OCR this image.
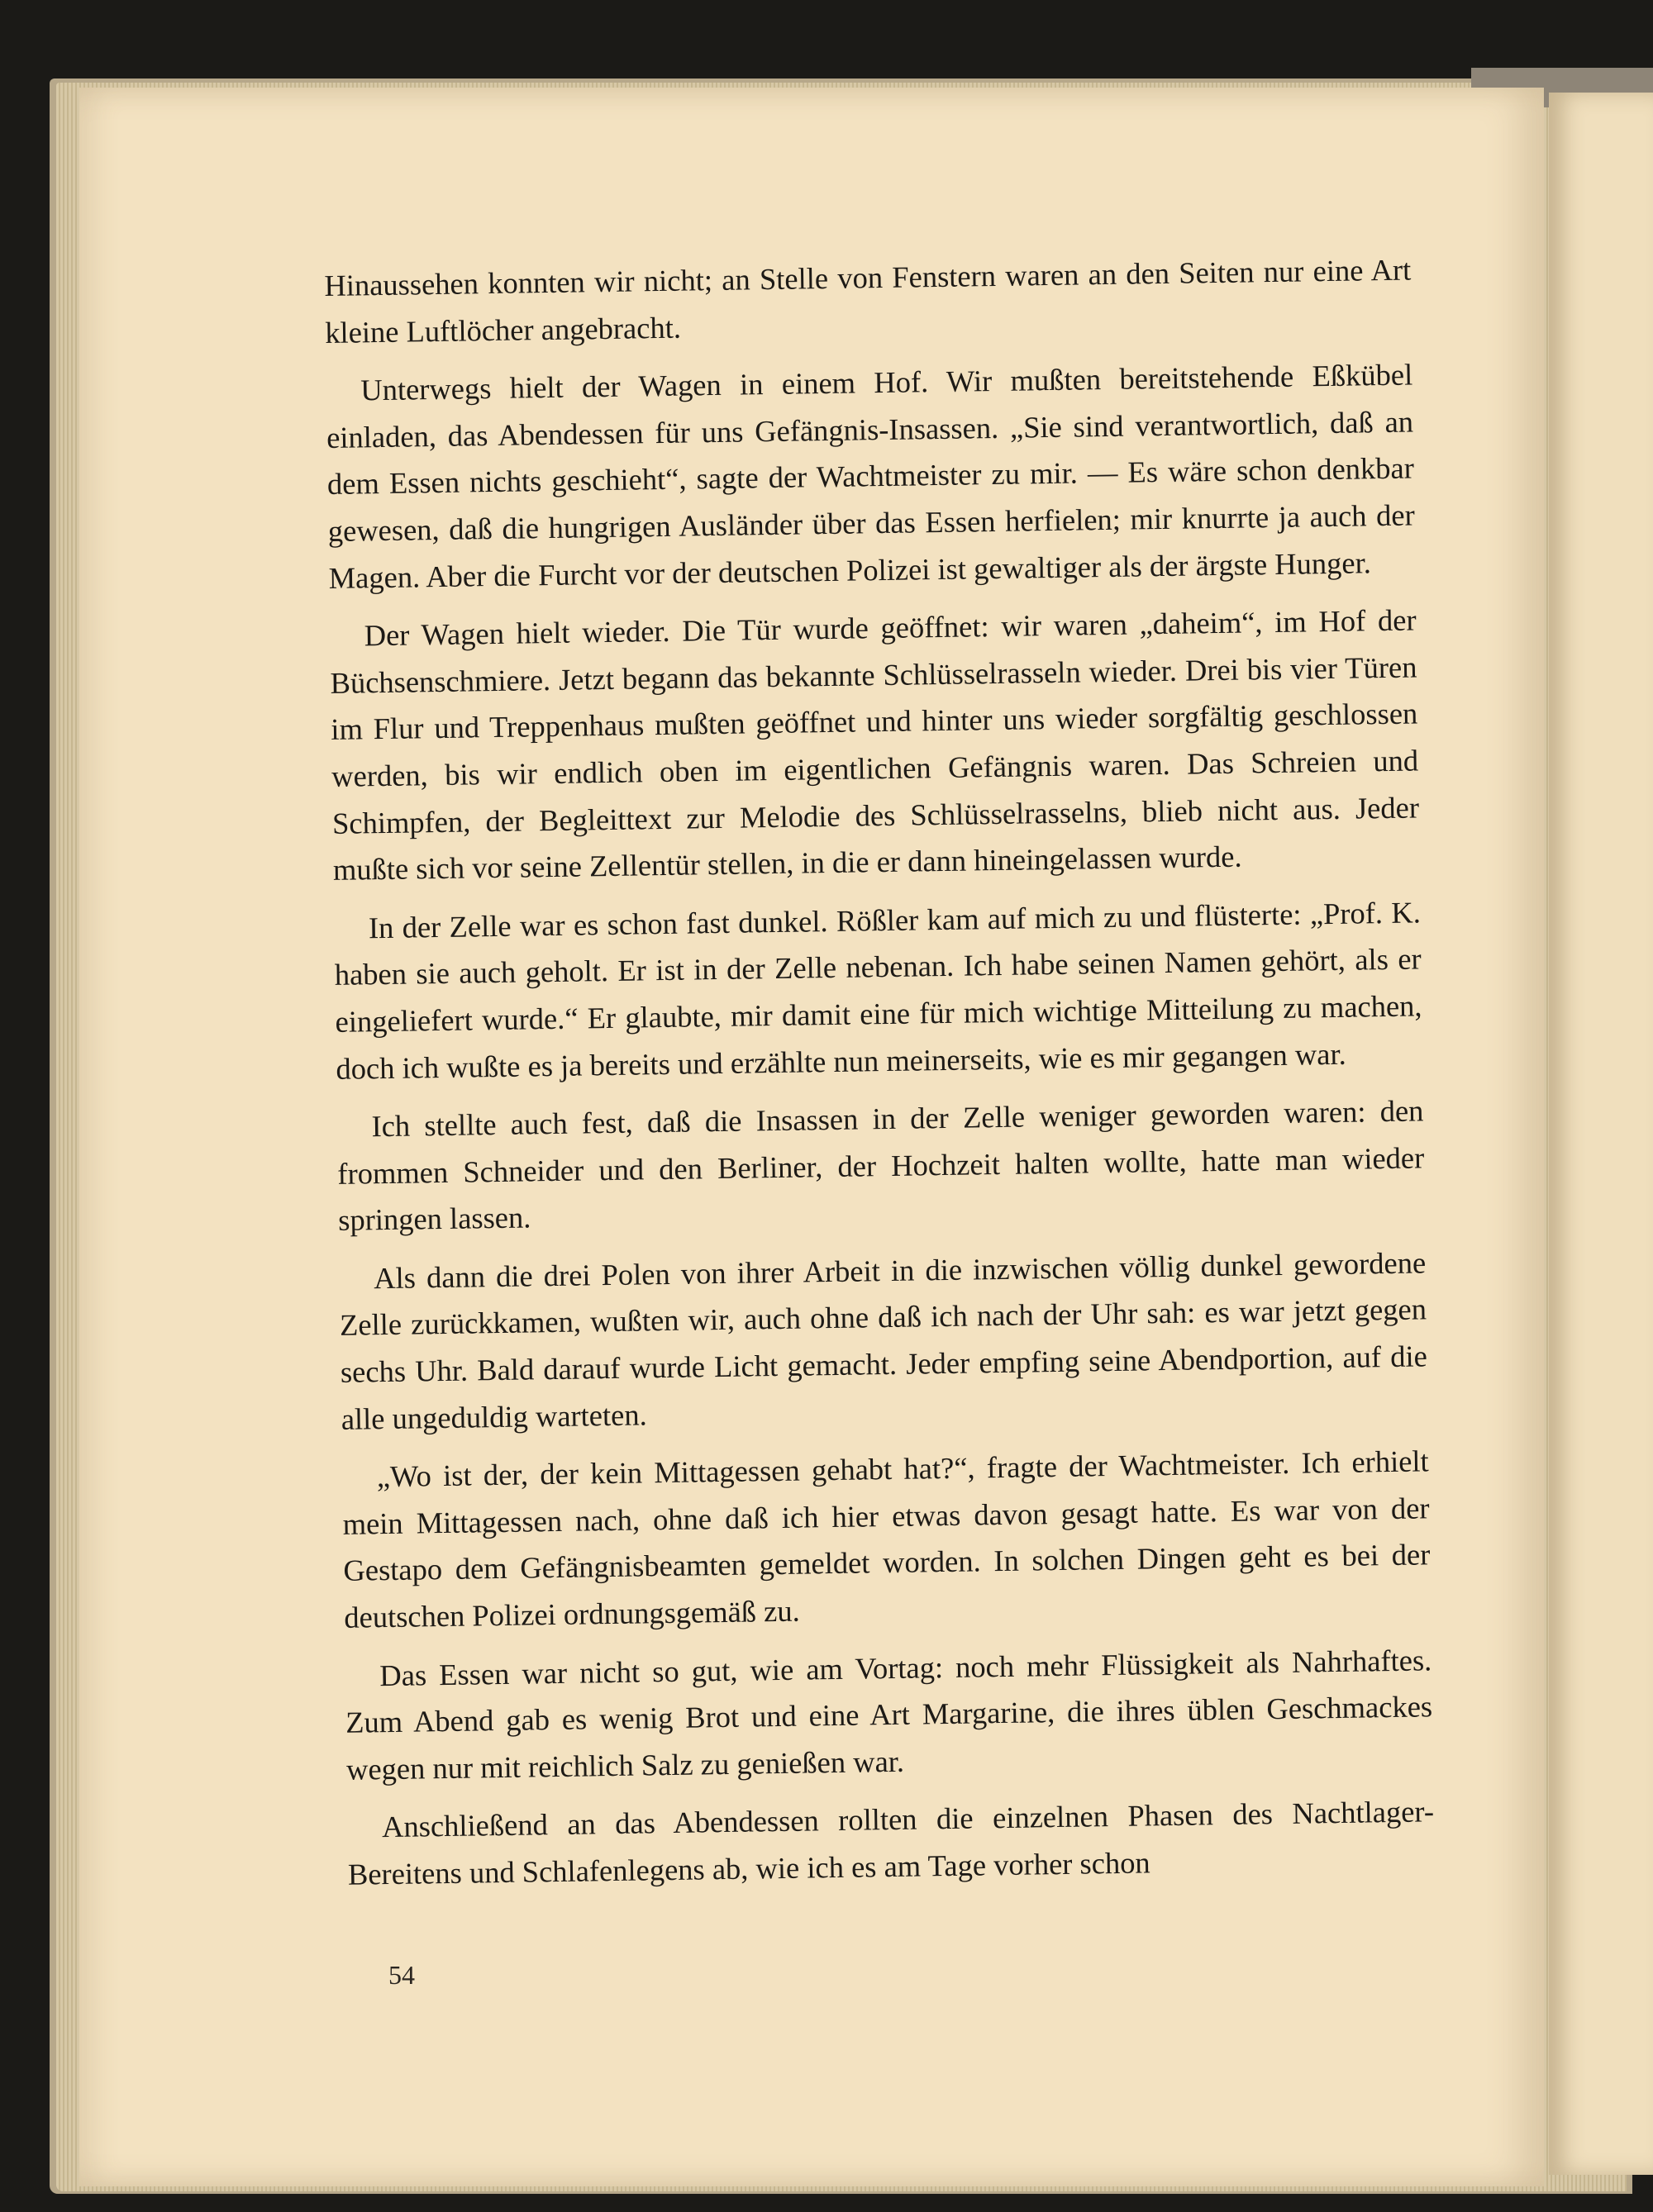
Hinaussehen konnten wir nicht; an Stelle von Fenstern waren an den Seiten nur eine Art kleine Luftlöcher angebracht.

Unterwegs hielt der Wagen in einem Hof. Wir mußten bereitstehende Eßkübel einladen, das Abendessen für uns Gefängnis-Insassen. „Sie sind verantwortlich, daß an dem Essen nichts geschieht“, sagte der Wachtmeister zu mir. — Es wäre schon denkbar gewesen, daß die hungrigen Ausländer über das Essen herfielen; mir knurrte ja auch der Magen. Aber die Furcht vor der deutschen Polizei ist gewaltiger als der ärgste Hunger.

Der Wagen hielt wieder. Die Tür wurde geöffnet: wir waren „daheim“, im Hof der Büchsenschmiere. Jetzt begann das bekannte Schlüsselrasseln wieder. Drei bis vier Türen im Flur und Treppenhaus mußten geöffnet und hinter uns wieder sorgfältig geschlossen werden, bis wir endlich oben im eigentlichen Gefängnis waren. Das Schreien und Schimpfen, der Begleittext zur Melodie des Schlüsselrasselns, blieb nicht aus. Jeder mußte sich vor seine Zellentür stellen, in die er dann hineingelassen wurde.

In der Zelle war es schon fast dunkel. Rößler kam auf mich zu und flüsterte: „Prof. K. haben sie auch geholt. Er ist in der Zelle nebenan. Ich habe seinen Namen gehört, als er eingeliefert wurde.“ Er glaubte, mir damit eine für mich wichtige Mitteilung zu machen, doch ich wußte es ja bereits und erzählte nun meinerseits, wie es mir gegangen war.

Ich stellte auch fest, daß die Insassen in der Zelle weniger geworden waren: den frommen Schneider und den Berliner, der Hochzeit halten wollte, hatte man wieder springen lassen.

Als dann die drei Polen von ihrer Arbeit in die inzwischen völlig dunkel gewordene Zelle zurückkamen, wußten wir, auch ohne daß ich nach der Uhr sah: es war jetzt gegen sechs Uhr. Bald darauf wurde Licht gemacht. Jeder empfing seine Abendportion, auf die alle ungeduldig warteten.

„Wo ist der, der kein Mittagessen gehabt hat?“, fragte der Wachtmeister. Ich erhielt mein Mittagessen nach, ohne daß ich hier etwas davon gesagt hatte. Es war von der Gestapo dem Gefängnisbeamten gemeldet worden. In solchen Dingen geht es bei der deutschen Polizei ordnungsgemäß zu.

Das Essen war nicht so gut, wie am Vortag: noch mehr Flüssigkeit als Nahrhaftes. Zum Abend gab es wenig Brot und eine Art Margarine, die ihres üblen Geschmackes wegen nur mit reichlich Salz zu genießen war.

Anschließend an das Abendessen rollten die einzelnen Phasen des Nachtlager-Bereitens und Schlafenlegens ab, wie ich es am Tage vorher schon

54
